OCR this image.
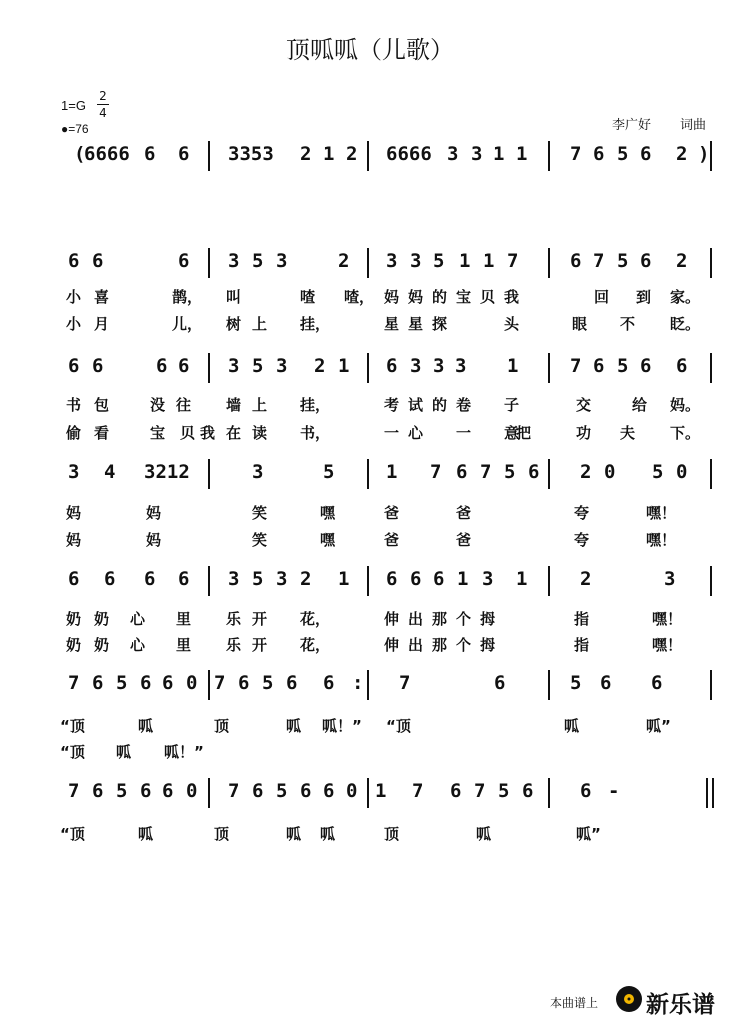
顶呱呱（儿歌）
1=G
2
4
●=76	李广好 词曲
(
6666 6 6 3353 2 1 2 6666 3 3 1 1 7 6 5 6 2 )
6 6	6 3 5 3	2 3 3 5 1 1 7	6 7 5 6 2
6 6	6 6 3 5 3 2 1 6 3 3 3 1	7 6 5 6 6
3 4 3212	3	5	1 7 6 7 5 6 2 0 5 0
6 6 6 6 3 5 3 2 1 6 6 6 1 3 1	2	3
7 6 5 6 6 0 7 6 5 6 6 : 7	6	5 6 6
7 6 5 6 6 0 7 6 5 6 6 0 1 7 6 7 5 6 6 -
小 喜	鹊， 叫	喳 喳， 妈 妈 的 宝 贝 我	回 到 家。
小 月	儿， 树 上 挂，	星 星 探	头	眼 不 眨。
书 包	没 往 墙 上 挂，	考 试 的 卷 子	交	给 妈。
偷 看	宝 贝 我 在 读 书，	一 心 一 意
把	功 夫 下。
妈	妈	笑	嘿	爸	爸	夸	嘿！
妈	妈	笑	嘿	爸	爸	夸	嘿！
奶 奶 心 里 乐 开 花，	伸 出 那 个 拇	指	嘿！
奶 奶 心 里 乐 开 花，	伸 出 那 个 拇	指	嘿！
“顶	呱	顶	呱 呱！” “顶	呱	呱”
“顶 呱 呱！”
“顶	呱	顶	呱 呱	顶	呱	呱”
本曲谱上 新乐谱
